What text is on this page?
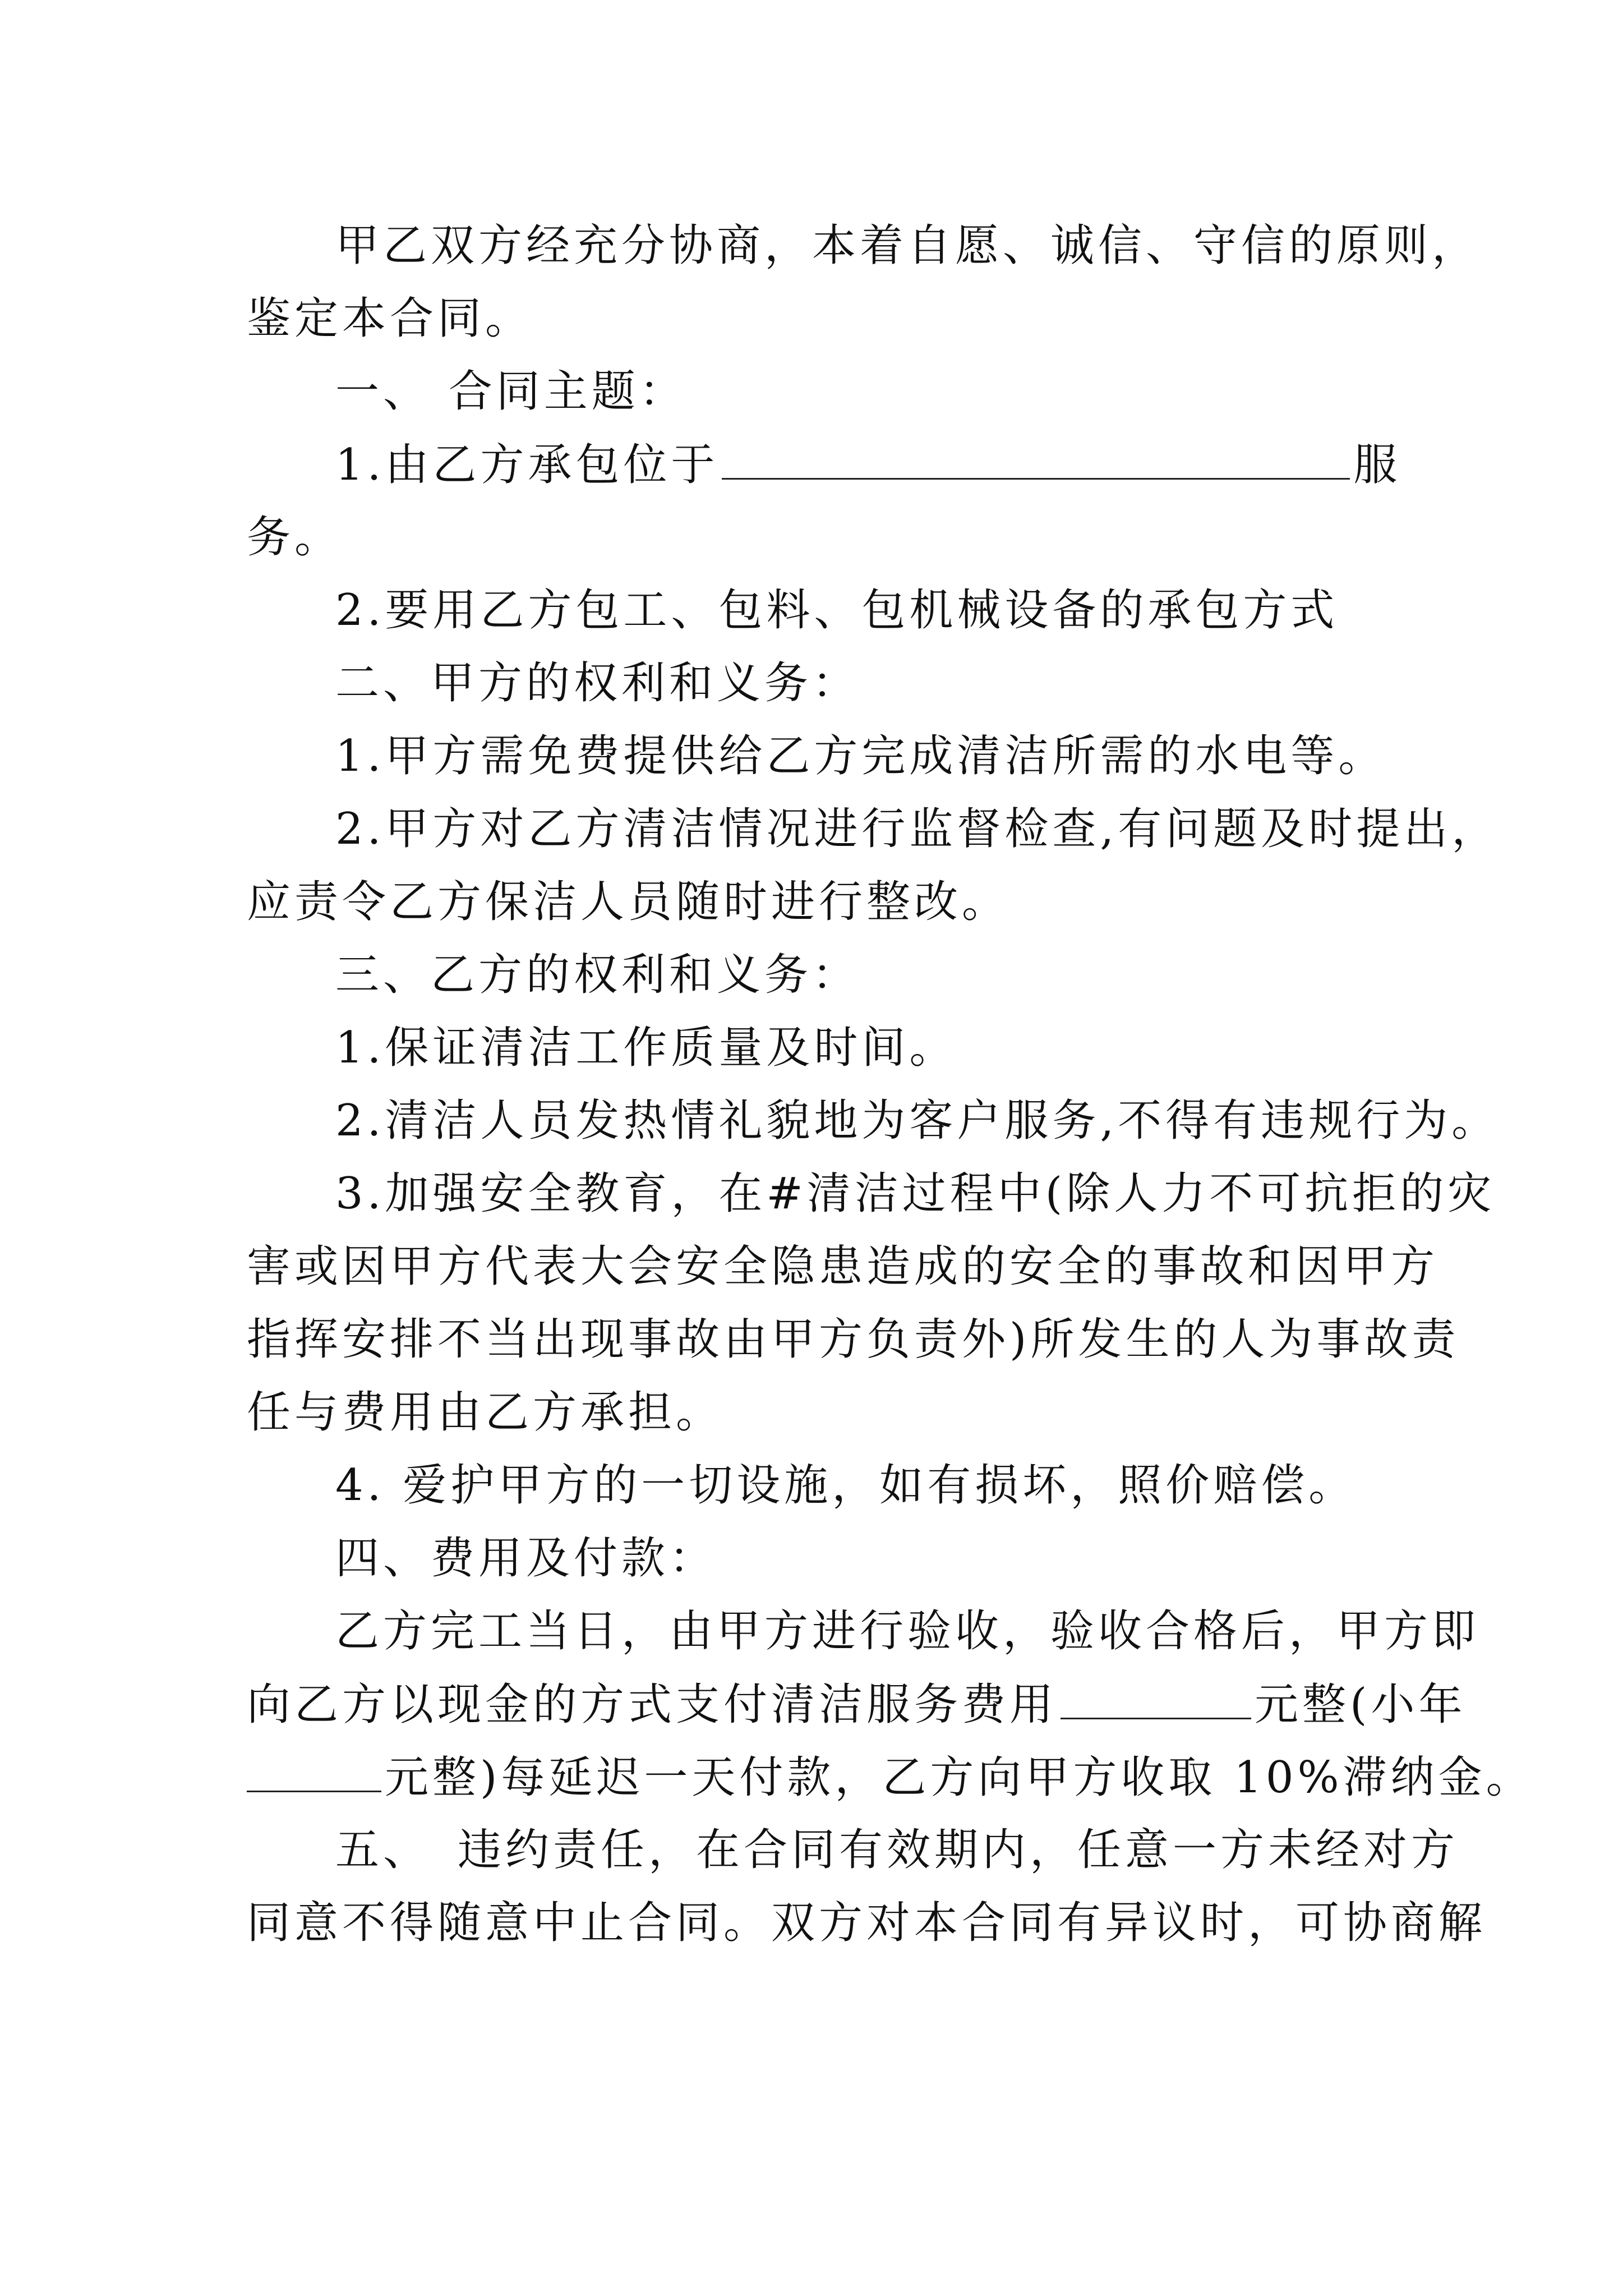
甲乙双方经充分协商，本着自愿、诚信、守信的原则，
鉴定本合同。
一、 合同主题：
1.由乙方承包位于	服
务。
2.要用乙方包工、包料、包机械设备的承包方式
二、甲方的权利和义务：
1.甲方需免费提供给乙方完成清洁所需的水电等。
2.甲方对乙方清洁情况进行监督检查,有问题及时提出，
应责令乙方保洁人员随时进行整改。
三、乙方的权利和义务：
1.保证清洁工作质量及时间。
2.清洁人员发热情礼貌地为客户服务,不得有违规行为。
3.加强安全教育，在#清洁过程中(除人力不可抗拒的灾
害或因甲方代表大会安全隐患造成的安全的事故和因甲方
指挥安排不当出现事故由甲方负责外)所发生的人为事故责
任与费用由乙方承担。
4. 爱护甲方的一切设施，如有损坏，照价赔偿。
四、费用及付款：
乙方完工当日，由甲方进行验收，验收合格后，甲方即
向乙方以现金的方式支付清洁服务费用	元整(小年
元整)每延迟一天付款，乙方向甲方收取 10%滞纳金。
五、 违约责任，在合同有效期内，任意一方未经对方
同意不得随意中止合同。双方对本合同有异议时，可协商解
